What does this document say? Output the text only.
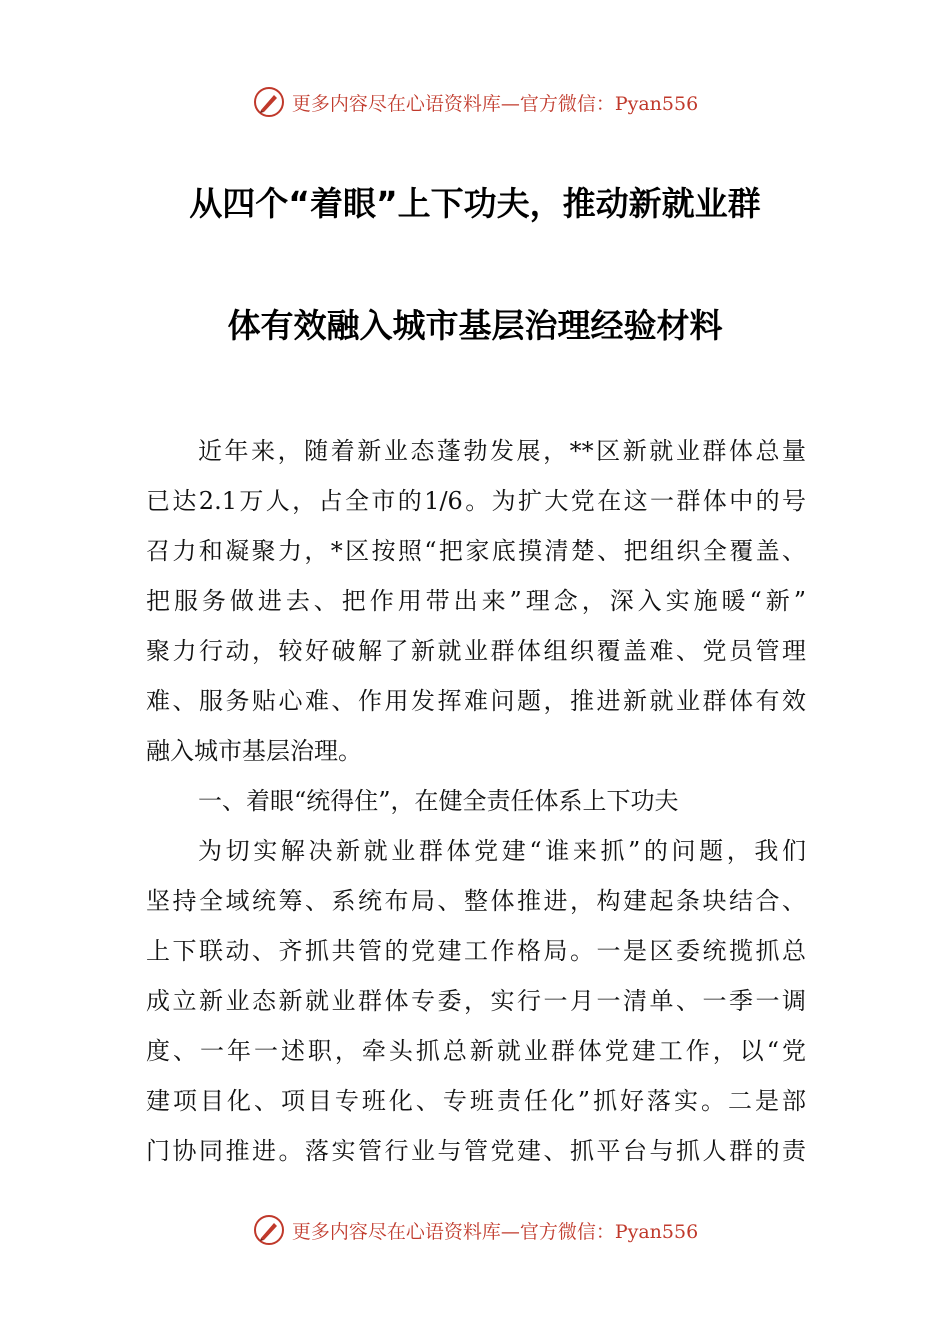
更多内容尽在心语资料库—官方微信：Pyan556
从四个“着眼”上下功夫，推动新就业群
体有效融入城市基层治理经验材料
近年来，随着新业态蓬勃发展，**区新就业群体总量
已达2.1万人，占全市的1/6。为扩大党在这一群体中的号
召力和凝聚力，*区按照“把家底摸清楚、把组织全覆盖、
把服务做进去、把作用带出来”理念，深入实施暖“新”
聚力行动，较好破解了新就业群体组织覆盖难、党员管理
难、服务贴心难、作用发挥难问题，推进新就业群体有效
融入城市基层治理。
一、着眼“统得住”，在健全责任体系上下功夫
为切实解决新就业群体党建“谁来抓”的问题，我们
坚持全域统筹、系统布局、整体推进，构建起条块结合、
上下联动、齐抓共管的党建工作格局。一是区委统揽抓总
成立新业态新就业群体专委，实行一月一清单、一季一调
度、一年一述职，牵头抓总新就业群体党建工作，以“党
建项目化、项目专班化、专班责任化”抓好落实。二是部
门协同推进。落实管行业与管党建、抓平台与抓人群的责
更多内容尽在心语资料库—官方微信：Pyan556
